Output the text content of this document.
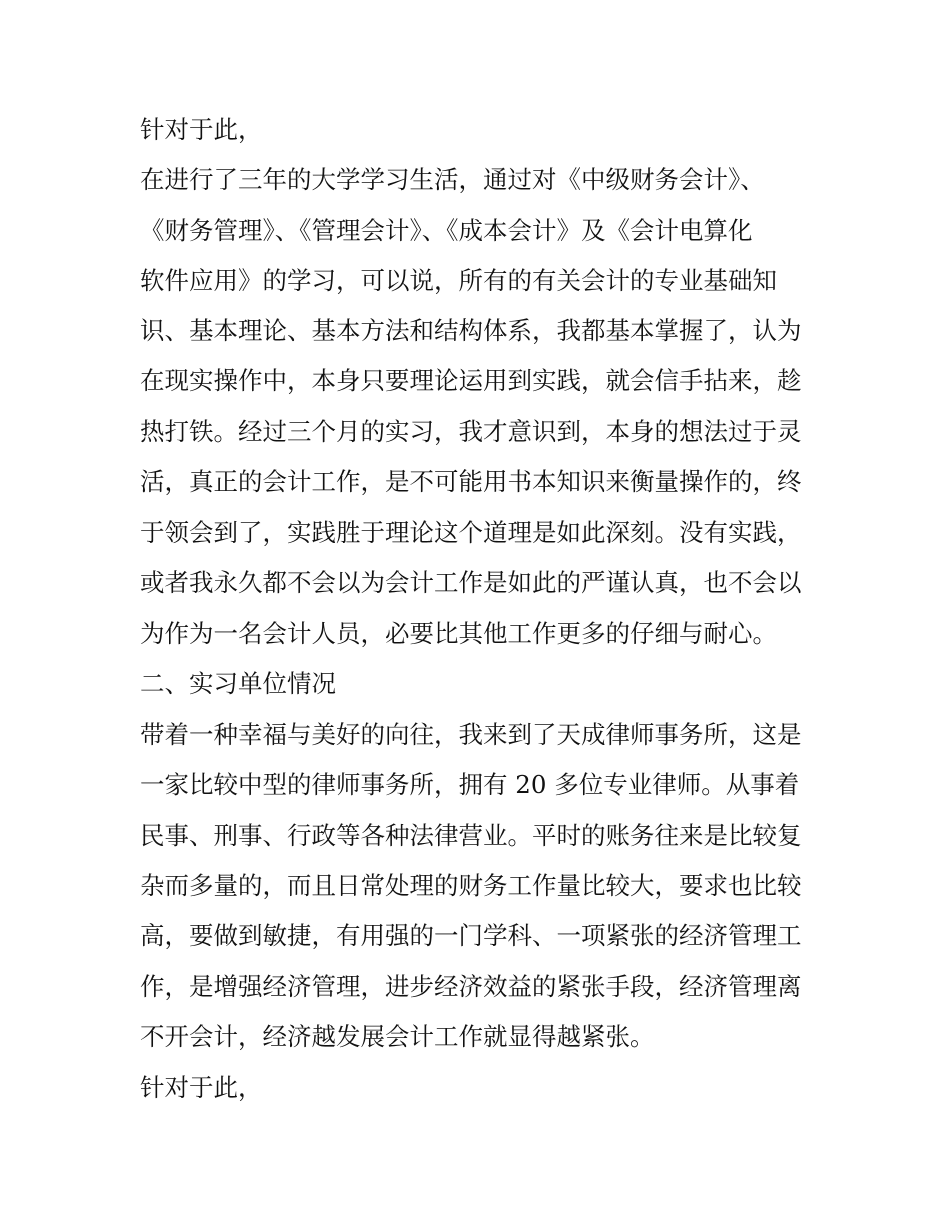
针对于此，
在进行了三年的大学学习生活，通过对《中级财务会计》、
《财务管理》、《管理会计》、《成本会计》及《会计电算化
软件应用》的学习，可以说，所有的有关会计的专业基础知
识、基本理论、基本方法和结构体系，我都基本掌握了，认为
在现实操作中，本身只要理论运用到实践，就会信手拈来，趁
热打铁。经过三个月的实习，我才意识到，本身的想法过于灵
活，真正的会计工作，是不可能用书本知识来衡量操作的，终
于领会到了，实践胜于理论这个道理是如此深刻。没有实践，
或者我永久都不会以为会计工作是如此的严谨认真，也不会以
为作为一名会计人员，必要比其他工作更多的仔细与耐心。
二、实习单位情况
带着一种幸福与美好的向往，我来到了天成律师事务所，这是
一家比较中型的律师事务所，拥有 20 多位专业律师。从事着
民事、刑事、行政等各种法律营业。平时的账务往来是比较复
杂而多量的，而且日常处理的财务工作量比较大，要求也比较
高，要做到敏捷，有用强的一门学科、一项紧张的经济管理工
作，是增强经济管理，进步经济效益的紧张手段，经济管理离
不开会计，经济越发展会计工作就显得越紧张。
针对于此，
